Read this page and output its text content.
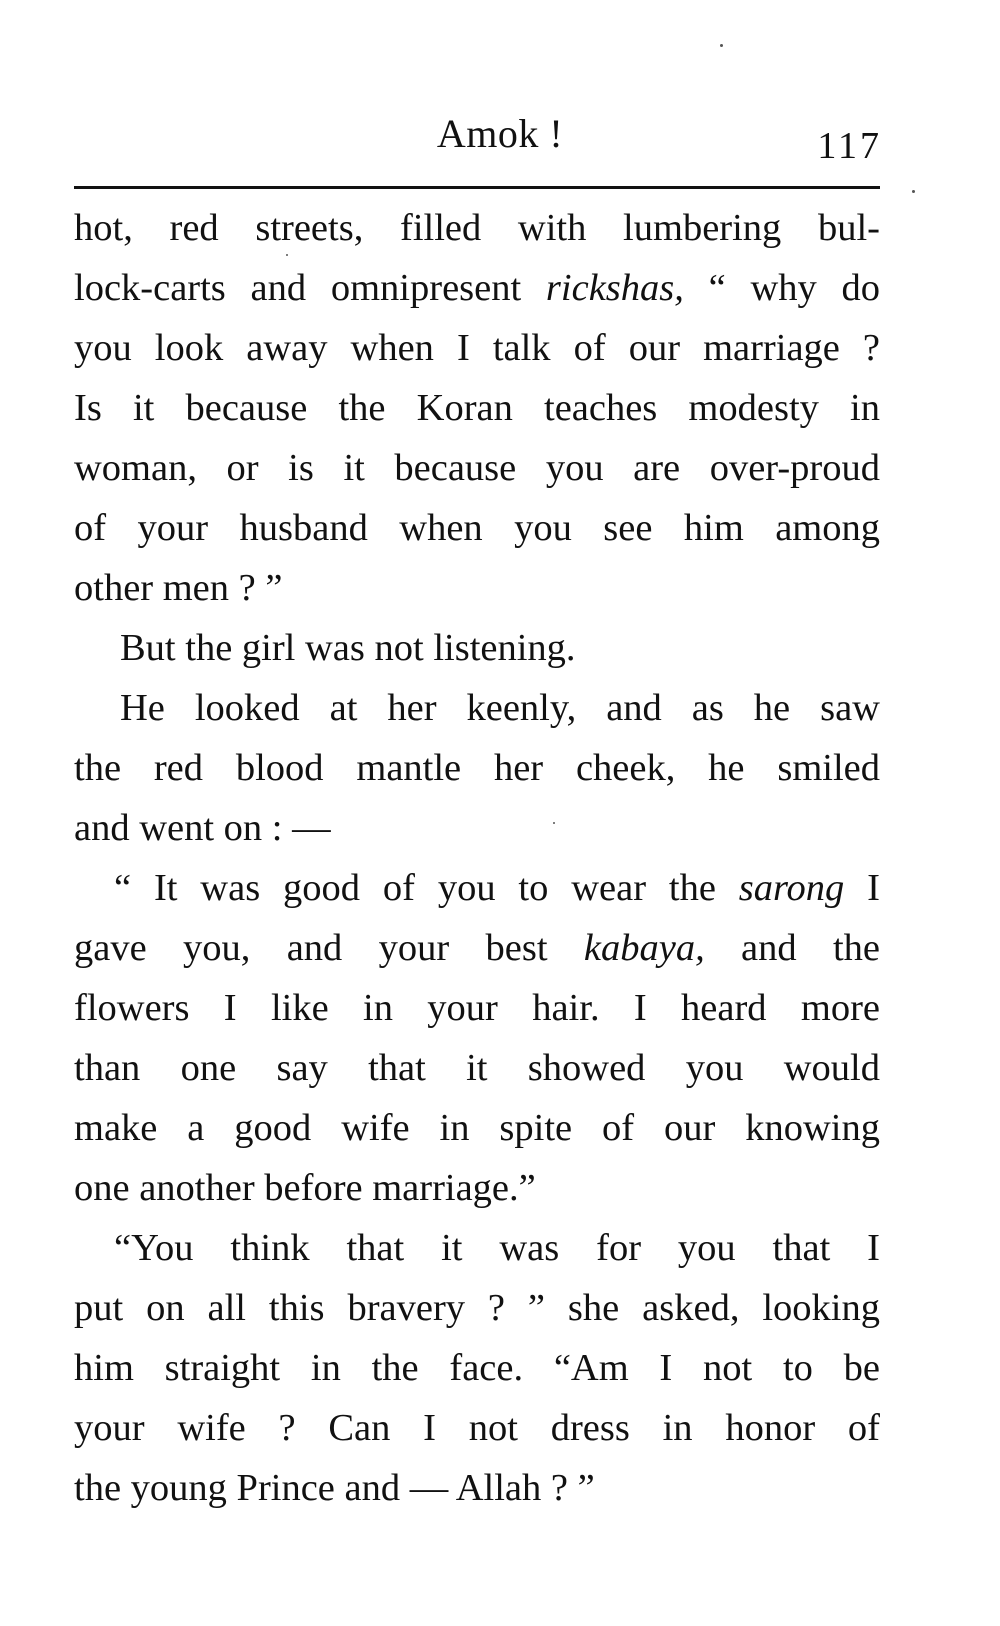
Amok !	117
hot, red streets, filled with lumbering bul-
lock-carts and omnipresent rickshas, “ why do
you look away when I talk of our marriage ?
Is it because the Koran teaches modesty in
woman, or is it because you are over-proud
of your husband when you see him among
other men ? ”
But the girl was not listening.
He looked at her keenly, and as he saw
the red blood mantle her cheek, he smiled
and went on : —
“ It was good of you to wear the sarong I
gave you, and your best kabaya, and the
flowers I like in your hair. I heard more
than one say that it showed you would
make a good wife in spite of our knowing
one another before marriage.”
“You think that it was for you that I
put on all this bravery ? ” she asked, looking
him straight in the face. “Am I not to be
your wife ? Can I not dress in honor of
the young Prince and — Allah ? ”
